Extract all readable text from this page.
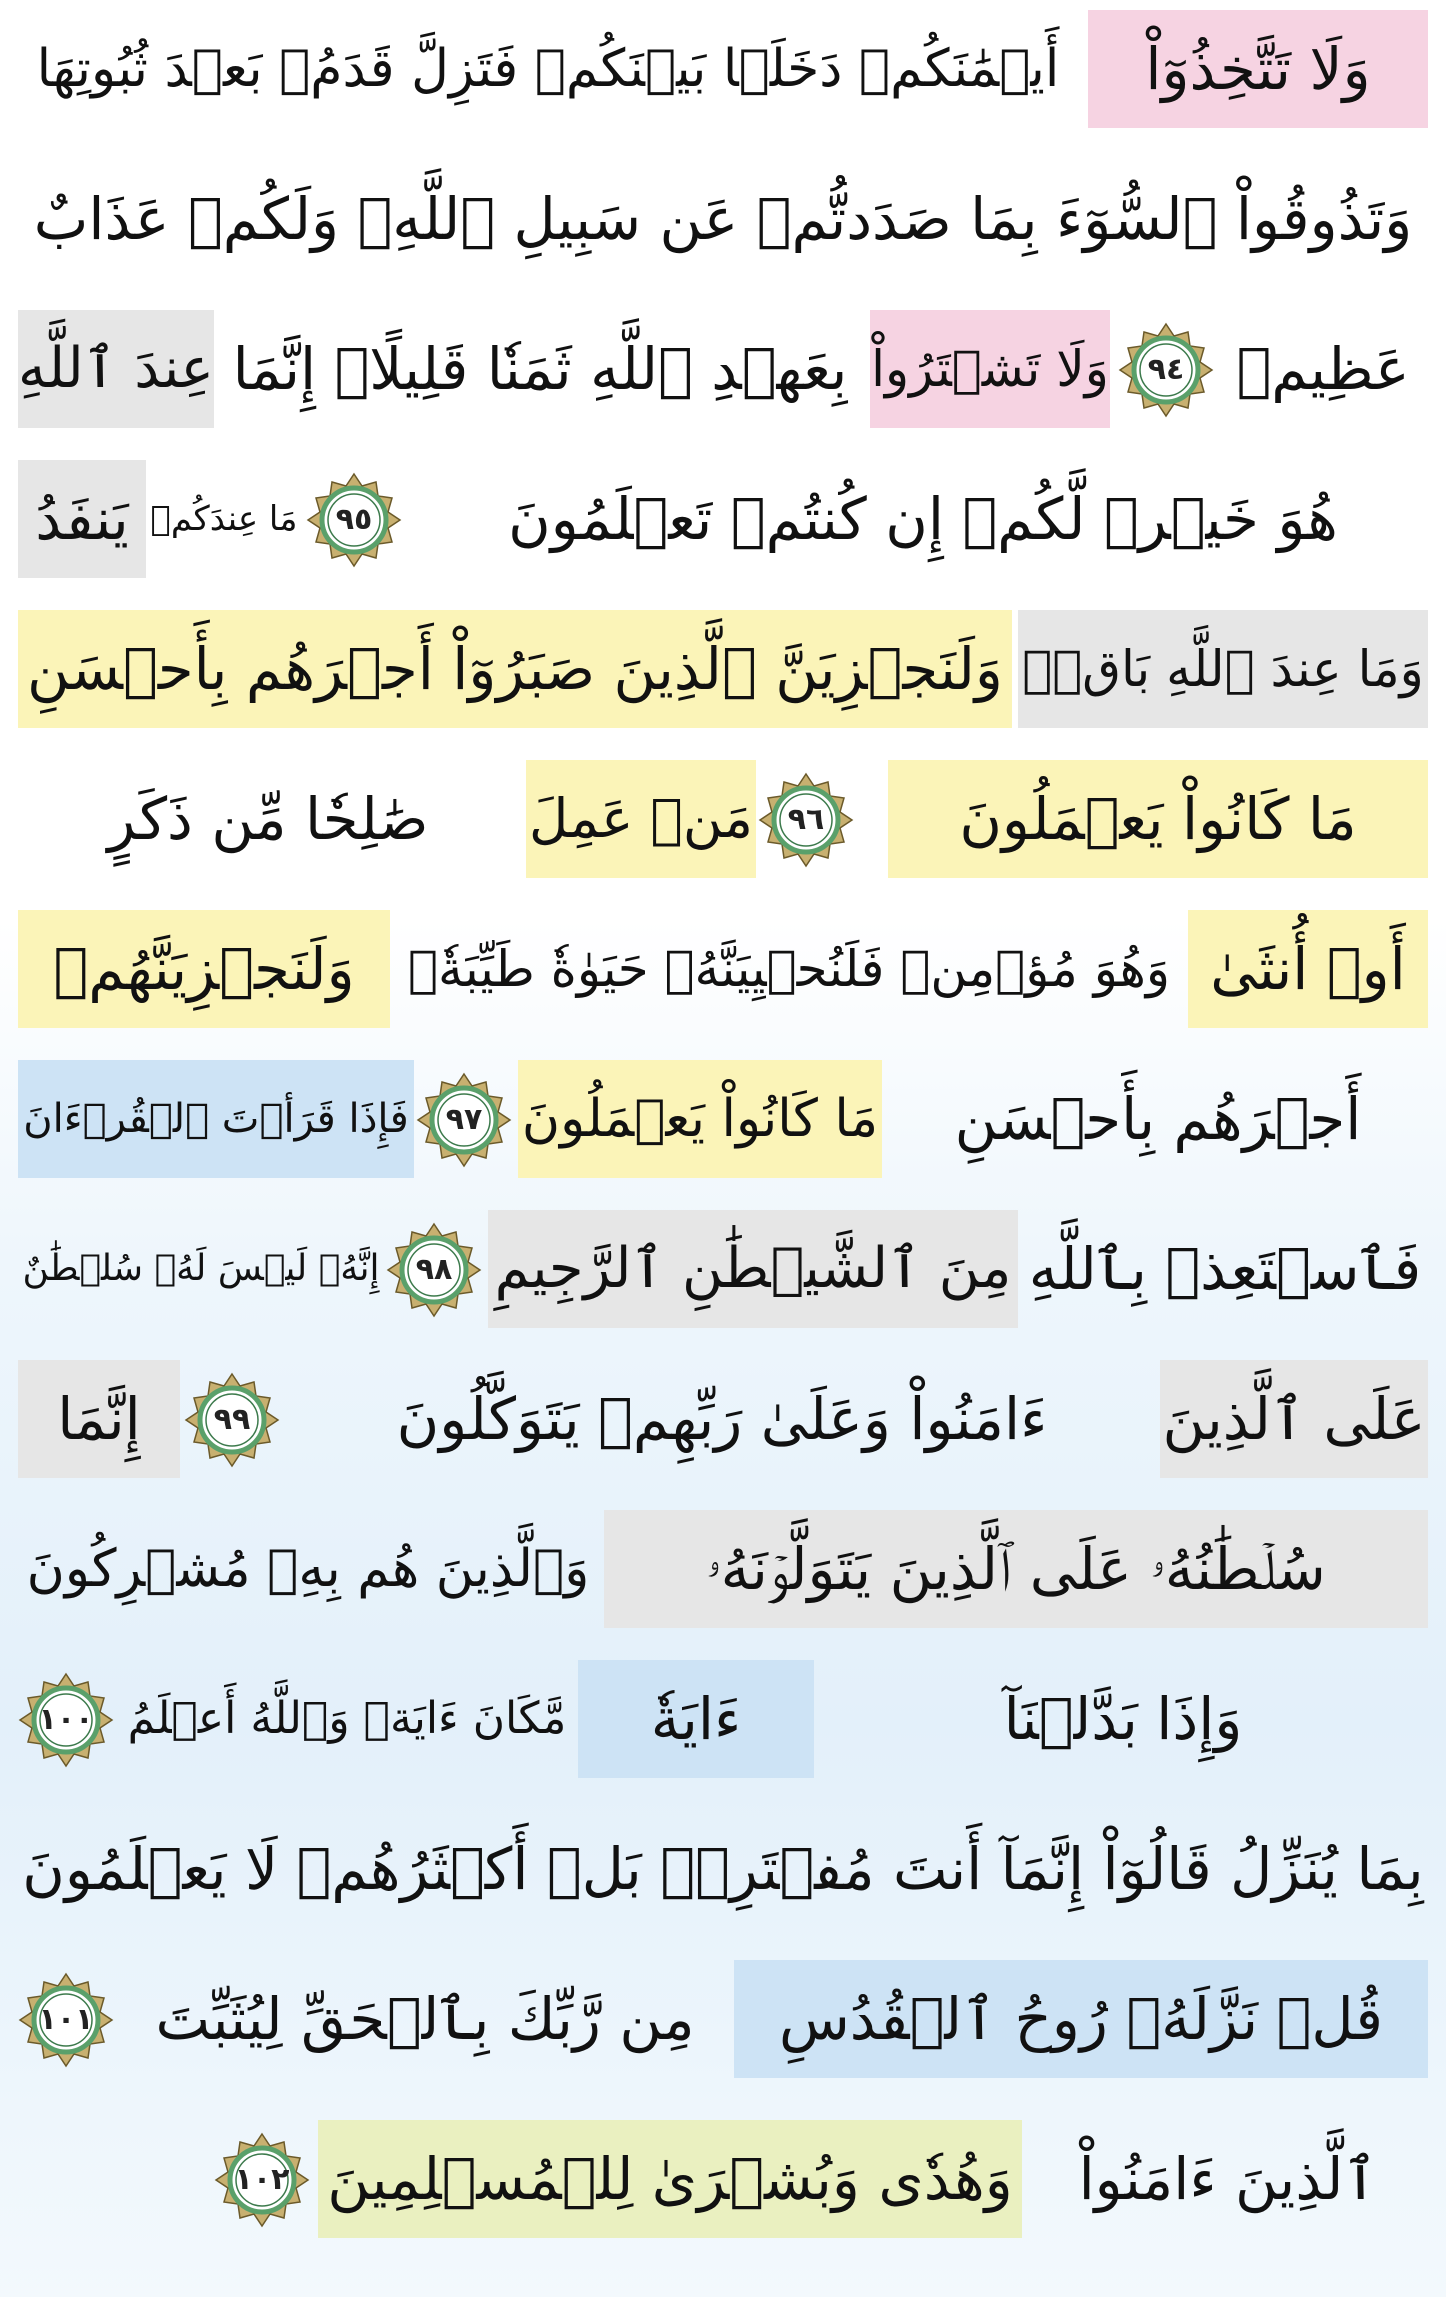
وَلَا تَتَّخِذُوٓاْ
أَيۡمَٰنَكُمۡ دَخَلَۢا بَيۡنَكُمۡ فَتَزِلَّ قَدَمُۢ بَعۡدَ ثُبُوتِهَا
وَتَذُوقُواْ ٱلسُّوٓءَ بِمَا صَدَدتُّمۡ عَن سَبِيلِ ٱللَّهِۖ وَلَكُمۡ عَذَابٌ
عَظِيمٞ
٩٤
وَلَا تَشۡتَرُواْ
بِعَهۡدِ ٱللَّهِ ثَمَنٗا قَلِيلًاۚ إِنَّمَا
عِندَ ٱللَّهِ
هُوَ خَيۡرٞ لَّكُمۡ إِن كُنتُمۡ تَعۡلَمُونَ
٩٥
مَا عِندَكُمۡ
يَنفَدُ
وَمَا عِندَ ٱللَّهِ بَاقٖۗ
وَلَنَجۡزِيَنَّ ٱلَّذِينَ صَبَرُوٓاْ أَجۡرَهُم بِأَحۡسَنِ
مَا كَانُواْ يَعۡمَلُونَ
٩٦
مَنۡ عَمِلَ
صَٰلِحٗا مِّن ذَكَرٍ
أَوۡ أُنثَىٰ
وَهُوَ مُؤۡمِنٞ فَلَنُحۡيِيَنَّهُۥ حَيَوٰةٗ طَيِّبَةٗۖ
وَلَنَجۡزِيَنَّهُمۡ
أَجۡرَهُم بِأَحۡسَنِ
مَا كَانُواْ يَعۡمَلُونَ
٩٧
فَإِذَا قَرَأۡتَ ٱلۡقُرۡءَانَ
فَٱسۡتَعِذۡ بِٱللَّهِ
مِنَ ٱلشَّيۡطَٰنِ ٱلرَّجِيمِ
٩٨
إِنَّهُۥ لَيۡسَ لَهُۥ سُلۡطَٰنٌ
عَلَى ٱلَّذِينَ
ءَامَنُواْ وَعَلَىٰ رَبِّهِمۡ يَتَوَكَّلُونَ
٩٩
إِنَّمَا
سُلۡطَٰنُهُۥ عَلَى ٱلَّذِينَ يَتَوَلَّوۡنَهُۥ
وَٱلَّذِينَ هُم بِهِۦ مُشۡرِكُونَ
١٠٠	وَإِذَا بَدَّلۡنَآ
ءَايَةٗ
مَّكَانَ ءَايَةٖ وَٱللَّهُ أَعۡلَمُ
بِمَا يُنَزِّلُ قَالُوٓاْ إِنَّمَآ أَنتَ مُفۡتَرِۢۚ بَلۡ أَكۡثَرُهُمۡ لَا يَعۡلَمُونَ
١٠١	قُلۡ نَزَّلَهُۥ رُوحُ ٱلۡقُدُسِ
مِن رَّبِّكَ بِٱلۡحَقِّ لِيُثَبِّتَ
ٱلَّذِينَ ءَامَنُواْ
وَهُدٗى وَبُشۡرَىٰ لِلۡمُسۡلِمِينَ
١٠٢
